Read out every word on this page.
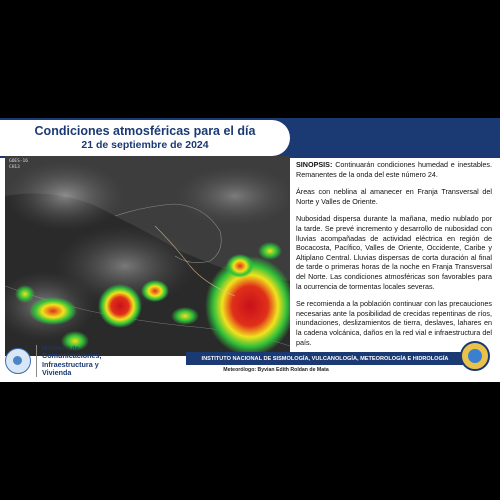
Condiciones atmosféricas para el día
21 de septiembre de 2024
GOES-16
CH13	SINOPSIS: Continuarán condiciones humedad e inestables. Remanentes de la onda del este número 24.

Áreas con neblina al amanecer en Franja Transversal del Norte y Valles de Oriente.

Nubosidad dispersa durante la mañana, medio nublado por la tarde. Se prevé incremento y desarrollo de nubosidad con lluvias acompañadas de actividad eléctrica en región de Bocacosta, Pacífico, Valles de Oriente, Occidente, Caribe y Altiplano Central. Lluvias dispersas de corta duración al final de tarde o primeras horas de la noche en Franja Transversal del Norte. Las condiciones atmosféricas son favorables para la ocurrencia de tormentas locales severas.

Se recomienda a la población continuar con las precauciones necesarias ante la posibilidad de crecidas repentinas de ríos, inundaciones, deslizamientos de tierra, deslaves, lahares en la cadena volcánica, daños en la red vial e infraestructura del país.

Ministerio de
Comunicaciones,
Infraestructura y
Vivienda
INSTITUTO NACIONAL DE SISMOLOGÍA, VULCANOLOGÍA, METEOROLOGÍA E HIDROLOGÍA
Meteorólogo: Byvian Edith Roldan de Mata
